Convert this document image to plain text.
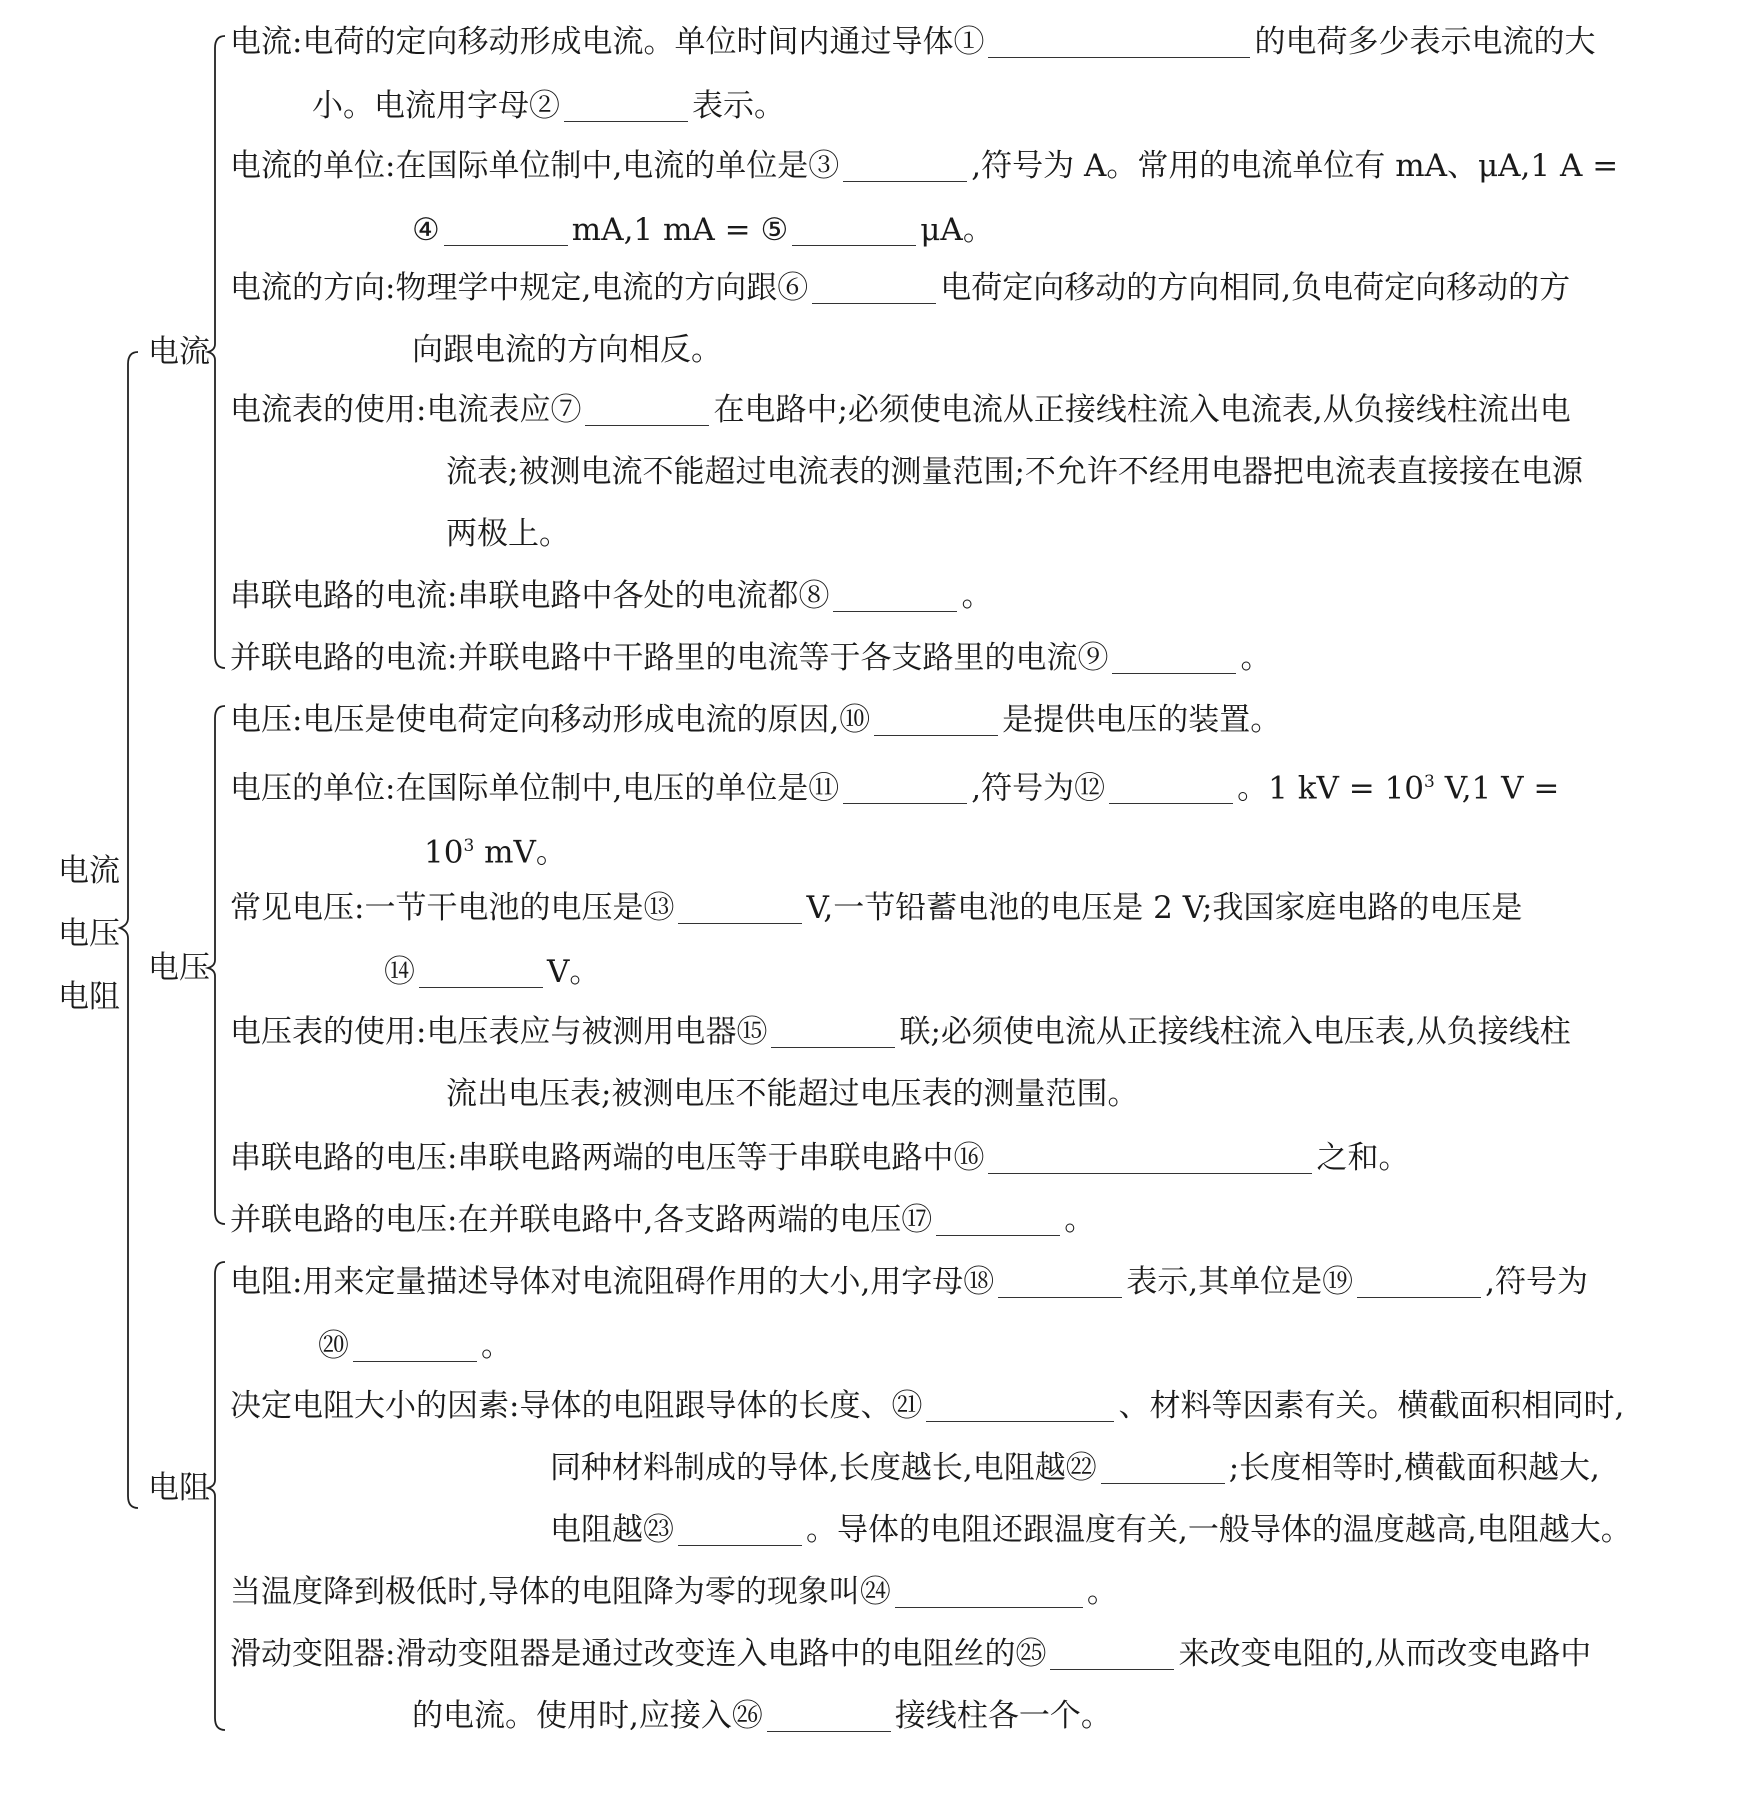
电流
电压
电阻
电流
电压
电阻
电流:电荷的定向移动形成电流。单位时间内通过导体①	的电荷多少表示电流的大
小。电流用字母②	表示。
电流的单位:在国际单位制中,电流的单位是③	,符号为 A。常用的电流单位有 mA、μA,1 A =
④	mA,1 mA = ⑤	μA。
电流的方向:物理学中规定,电流的方向跟⑥	电荷定向移动的方向相同,负电荷定向移动的方
向跟电流的方向相反。
电流表的使用:电流表应⑦	在电路中;必须使电流从正接线柱流入电流表,从负接线柱流出电
流表;被测电流不能超过电流表的测量范围;不允许不经用电器把电流表直接接在电源
两极上。
串联电路的电流:串联电路中各处的电流都⑧	。
并联电路的电流:并联电路中干路里的电流等于各支路里的电流⑨	。
电压:电压是使电荷定向移动形成电流的原因,⑩	是提供电压的装置。
电压的单位:在国际单位制中,电压的单位是⑪	,符号为⑫	。1 kV = $10^3$ V,1 V =
$10^3$ mV。
常见电压:一节干电池的电压是⑬	V,一节铅蓄电池的电压是 2 V;我国家庭电路的电压是
⑭	V。
电压表的使用:电压表应与被测用电器⑮	联;必须使电流从正接线柱流入电压表,从负接线柱
流出电压表;被测电压不能超过电压表的测量范围。
串联电路的电压:串联电路两端的电压等于串联电路中⑯	之和。
并联电路的电压:在并联电路中,各支路两端的电压⑰	。
电阻:用来定量描述导体对电流阻碍作用的大小,用字母⑱	表示,其单位是⑲	,符号为
⑳	。
决定电阻大小的因素:导体的电阻跟导体的长度、㉑	、材料等因素有关。横截面积相同时,
同种材料制成的导体,长度越长,电阻越㉒	;长度相等时,横截面积越大,
电阻越㉓	。导体的电阻还跟温度有关,一般导体的温度越高,电阻越大。
当温度降到极低时,导体的电阻降为零的现象叫㉔	。
滑动变阻器:滑动变阻器是通过改变连入电路中的电阻丝的㉕	来改变电阻的,从而改变电路中
的电流。使用时,应接入㉖	接线柱各一个。
